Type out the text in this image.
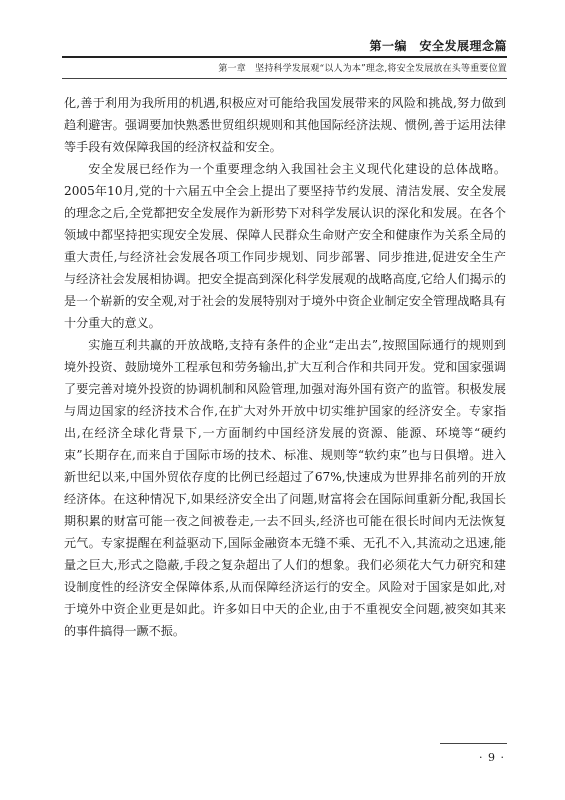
第一编　安全发展理念篇
第一章　坚持科学发展观“以人为本”理念,将安全发展放在头等重要位置

化,善于利用为我所用的机遇,积极应对可能给我国发展带来的风险和挑战,努力做到趋利避害。强调要加快熟悉世贸组织规则和其他国际经济法规、惯例,善于运用法律等手段有效保障我国的经济权益和安全。

安全发展已经作为一个重要理念纳入我国社会主义现代化建设的总体战略。2005年10月,党的十六届五中全会上提出了要坚持节约发展、清洁发展、安全发展的理念之后,全党都把安全发展作为新形势下对科学发展认识的深化和发展。在各个领域中都坚持把实现安全发展、保障人民群众生命财产安全和健康作为关系全局的重大责任,与经济社会发展各项工作同步规划、同步部署、同步推进,促进安全生产与经济社会发展相协调。把安全提高到深化科学发展观的战略高度,它给人们揭示的是一个崭新的安全观,对于社会的发展特别对于境外中资企业制定安全管理战略具有十分重大的意义。

实施互利共赢的开放战略,支持有条件的企业“走出去”,按照国际通行的规则到境外投资、鼓励境外工程承包和劳务输出,扩大互利合作和共同开发。党和国家强调了要完善对境外投资的协调机制和风险管理,加强对海外国有资产的监管。积极发展与周边国家的经济技术合作,在扩大对外开放中切实维护国家的经济安全。专家指出,在经济全球化背景下,一方面制约中国经济发展的资源、能源、环境等“硬约束”长期存在,而来自于国际市场的技术、标准、规则等“软约束”也与日俱增。进入新世纪以来,中国外贸依存度的比例已经超过了67%,快速成为世界排名前列的开放经济体。在这种情况下,如果经济安全出了问题,财富将会在国际间重新分配,我国长期积累的财富可能一夜之间被卷走,一去不回头,经济也可能在很长时间内无法恢复元气。专家提醒在利益驱动下,国际金融资本无缝不乘、无孔不入,其流动之迅速,能量之巨大,形式之隐蔽,手段之复杂超出了人们的想象。我们必须花大气力研究和建设制度性的经济安全保障体系,从而保障经济运行的安全。风险对于国家是如此,对于境外中资企业更是如此。许多如日中天的企业,由于不重视安全问题,被突如其来的事件搞得一蹶不振。

· 9 ·
